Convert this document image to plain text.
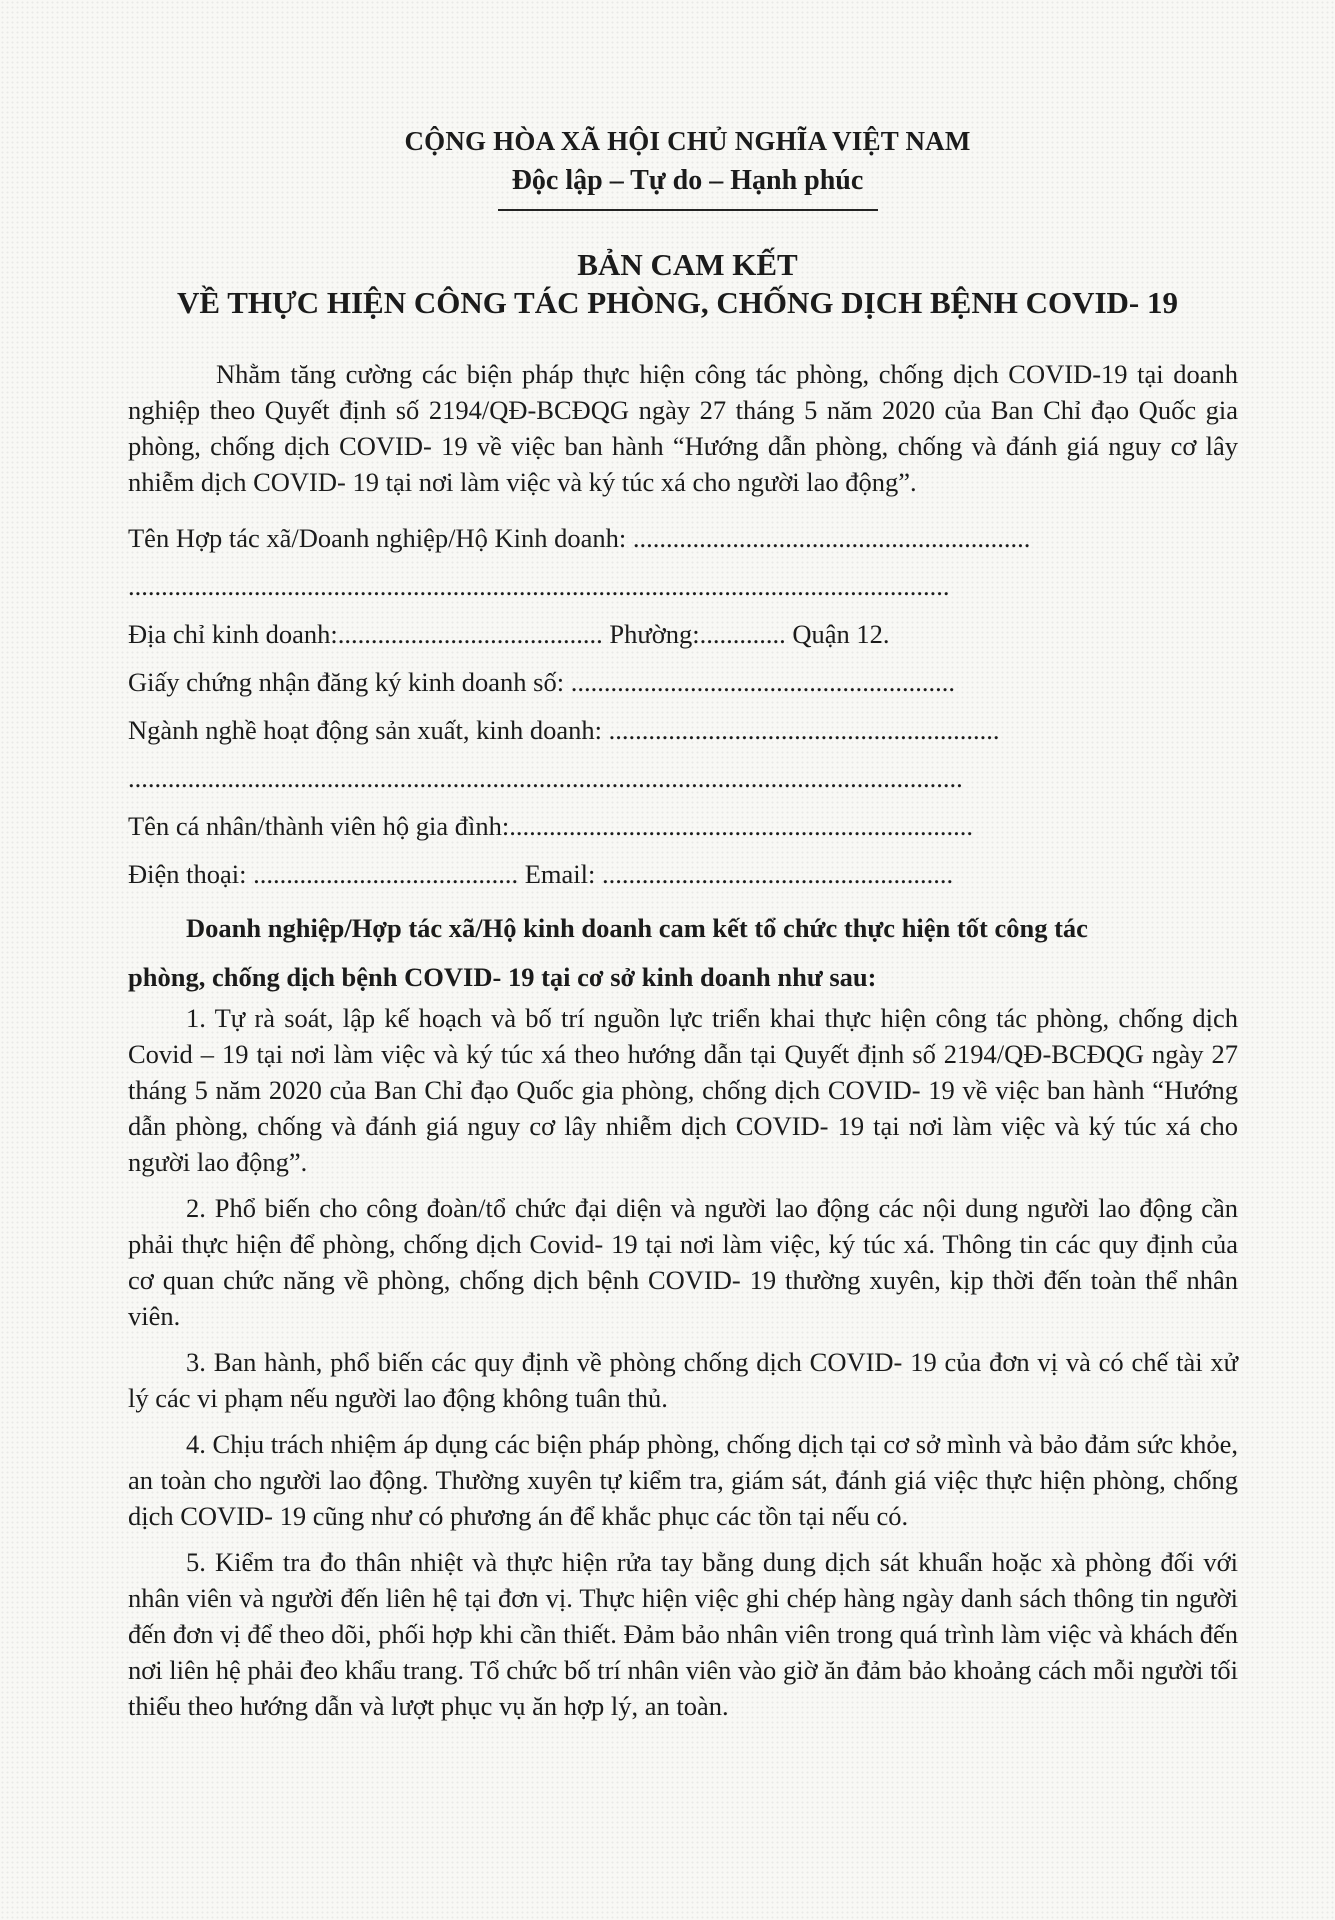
CỘNG HÒA XÃ HỘI CHỦ NGHĨA VIỆT NAM
Độc lập – Tự do – Hạnh phúc
BẢN CAM KẾT
VỀ THỰC HIỆN CÔNG TÁC PHÒNG, CHỐNG DỊCH BỆNH COVID- 19

Nhằm tăng cường các biện pháp thực hiện công tác phòng, chống dịch COVID-19 tại doanh nghiệp theo Quyết định số 2194/QĐ-BCĐQG ngày 27 tháng 5 năm 2020 của Ban Chỉ đạo Quốc gia phòng, chống dịch COVID- 19 về việc ban hành “Hướng dẫn phòng, chống và đánh giá nguy cơ lây nhiễm dịch COVID- 19 tại nơi làm việc và ký túc xá cho người lao động”.

Tên Hợp tác xã/Doanh nghiệp/Hộ Kinh doanh: ............................................................
............................................................................................................................
Địa chỉ kinh doanh:........................................ Phường:............. Quận 12.
Giấy chứng nhận đăng ký kinh doanh số: ..........................................................
Ngành nghề hoạt động sản xuất, kinh doanh: ...........................................................
..............................................................................................................................
Tên cá nhân/thành viên hộ gia đình:......................................................................
Điện thoại: ........................................ Email: .....................................................
Doanh nghiệp/Hợp tác xã/Hộ kinh doanh cam kết tổ chức thực hiện tốt công tác
phòng, chống dịch bệnh COVID- 19 tại cơ sở kinh doanh như sau:

1. Tự rà soát, lập kế hoạch và bố trí nguồn lực triển khai thực hiện công tác phòng, chống dịch Covid – 19 tại nơi làm việc và ký túc xá theo hướng dẫn tại Quyết định số 2194/QĐ-BCĐQG ngày 27 tháng 5 năm 2020 của Ban Chỉ đạo Quốc gia phòng, chống dịch COVID- 19 về việc ban hành “Hướng dẫn phòng, chống và đánh giá nguy cơ lây nhiễm dịch COVID- 19 tại nơi làm việc và ký túc xá cho người lao động”.

2. Phổ biến cho công đoàn/tổ chức đại diện và người lao động các nội dung người lao động cần phải thực hiện để phòng, chống dịch Covid- 19 tại nơi làm việc, ký túc xá. Thông tin các quy định của cơ quan chức năng về phòng, chống dịch bệnh COVID- 19 thường xuyên, kịp thời đến toàn thể nhân viên.

3. Ban hành, phổ biến các quy định về phòng chống dịch COVID- 19 của đơn vị và có chế tài xử lý các vi phạm nếu người lao động không tuân thủ.

4. Chịu trách nhiệm áp dụng các biện pháp phòng, chống dịch tại cơ sở mình và bảo đảm sức khỏe, an toàn cho người lao động. Thường xuyên tự kiểm tra, giám sát, đánh giá việc thực hiện phòng, chống dịch COVID- 19 cũng như có phương án để khắc phục các tồn tại nếu có.

5. Kiểm tra đo thân nhiệt và thực hiện rửa tay bằng dung dịch sát khuẩn hoặc xà phòng đối với nhân viên và người đến liên hệ tại đơn vị. Thực hiện việc ghi chép hàng ngày danh sách thông tin người đến đơn vị để theo dõi, phối hợp khi cần thiết. Đảm bảo nhân viên trong quá trình làm việc và khách đến nơi liên hệ phải đeo khẩu trang. Tổ chức bố trí nhân viên vào giờ ăn đảm bảo khoảng cách mỗi người tối thiểu theo hướng dẫn và lượt phục vụ ăn hợp lý, an toàn.
